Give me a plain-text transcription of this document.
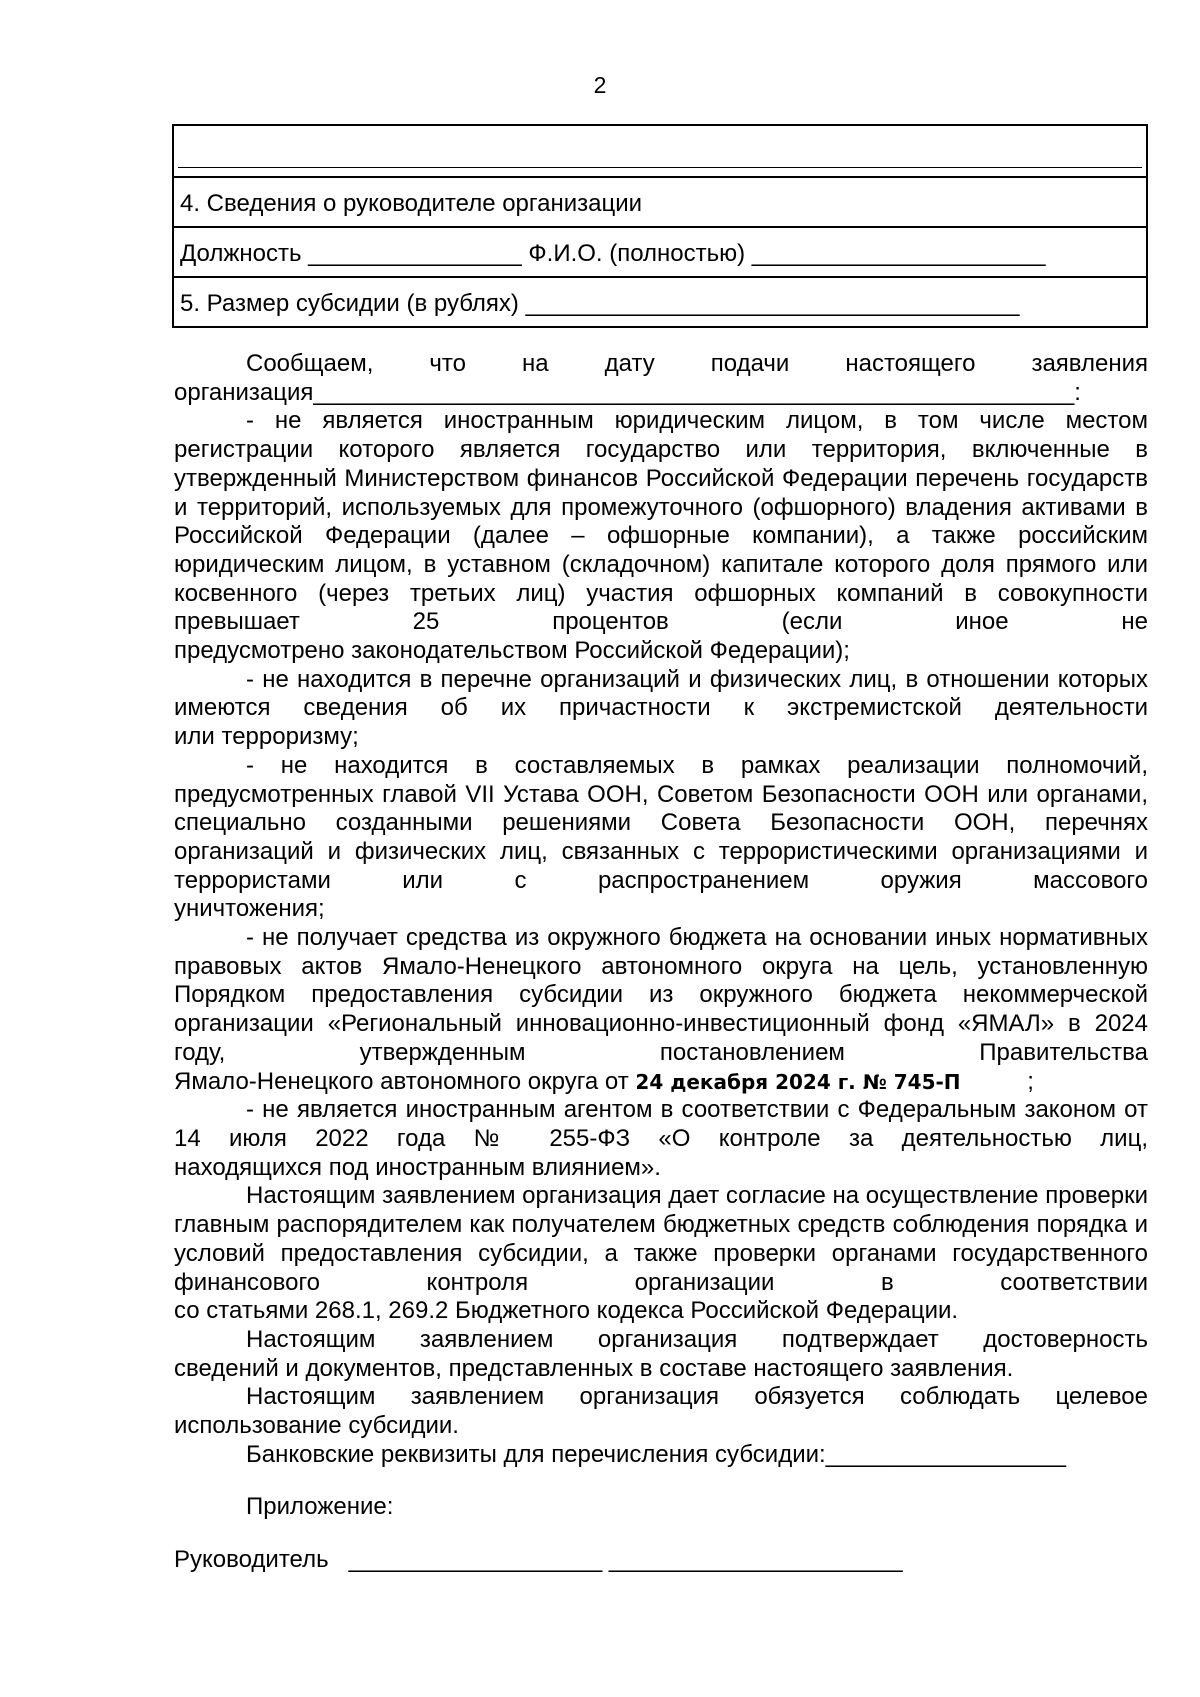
2
4. Сведения о руководителе организации
Должность ________________ Ф.И.О. (полностью) ______________________
5. Размер субсидии (в рублях) _____________________________________

Сообщаем, что на дату подачи настоящего заявления

организация_________________________________________________________:

- не является иностранным юридическим лицом, в том числе местом регистрации которого является государство или территория, включенные в утвержденный Министерством финансов Российской Федерации перечень государств и территорий, используемых для промежуточного (офшорного) владения активами в Российской Федерации (далее – офшорные компании), а также российским юридическим лицом, в уставном (складочном) капитале которого доля прямого или косвенного (через третьих лиц) участия офшорных компаний в совокупности превышает 25 процентов (если иное не

предусмотрено законодательством Российской Федерации);

- не находится в перечне организаций и физических лиц, в отношении которых имеются сведения об их причастности к экстремистской деятельности

или терроризму;

- не находится в составляемых в рамках реализации полномочий, предусмотренных главой VII Устава ООН, Советом Безопасности ООН или органами, специально созданными решениями Совета Безопасности ООН, перечнях организаций и физических лиц, связанных с террористическими организациями и террористами или с распространением оружия массового

уничтожения;

- не получает средства из окружного бюджета на основании иных нормативных правовых актов Ямало-Ненецкого автономного округа на цель, установленную Порядком предоставления субсидии из окружного бюджета некоммерческой организации «Региональный инновационно-инвестиционный фонд «ЯМАЛ» в 2024 году, утвержденным постановлением Правительства

Ямало-Ненецкого автономного округа от 24 декабря 2024 г. № 745-П          ;

- не является иностранным агентом в соответствии с Федеральным законом от 14 июля 2022 года № 255-ФЗ «О контроле за деятельностью лиц,

находящихся под иностранным влиянием».

Настоящим заявлением организация дает согласие на осуществление проверки главным распорядителем как получателем бюджетных средств соблюдения порядка и условий предоставления субсидии, а также проверки органами государственного финансового контроля организации в соответствии

со статьями 268.1, 269.2 Бюджетного кодекса Российской Федерации.

Настоящим заявлением организация подтверждает достоверность

сведений и документов, представленных в составе настоящего заявления.

Настоящим заявлением организация обязуется соблюдать целевое

использование субсидии.

Банковские реквизиты для перечисления субсидии:__________________

Приложение:

Руководитель   ___________________ ______________________
